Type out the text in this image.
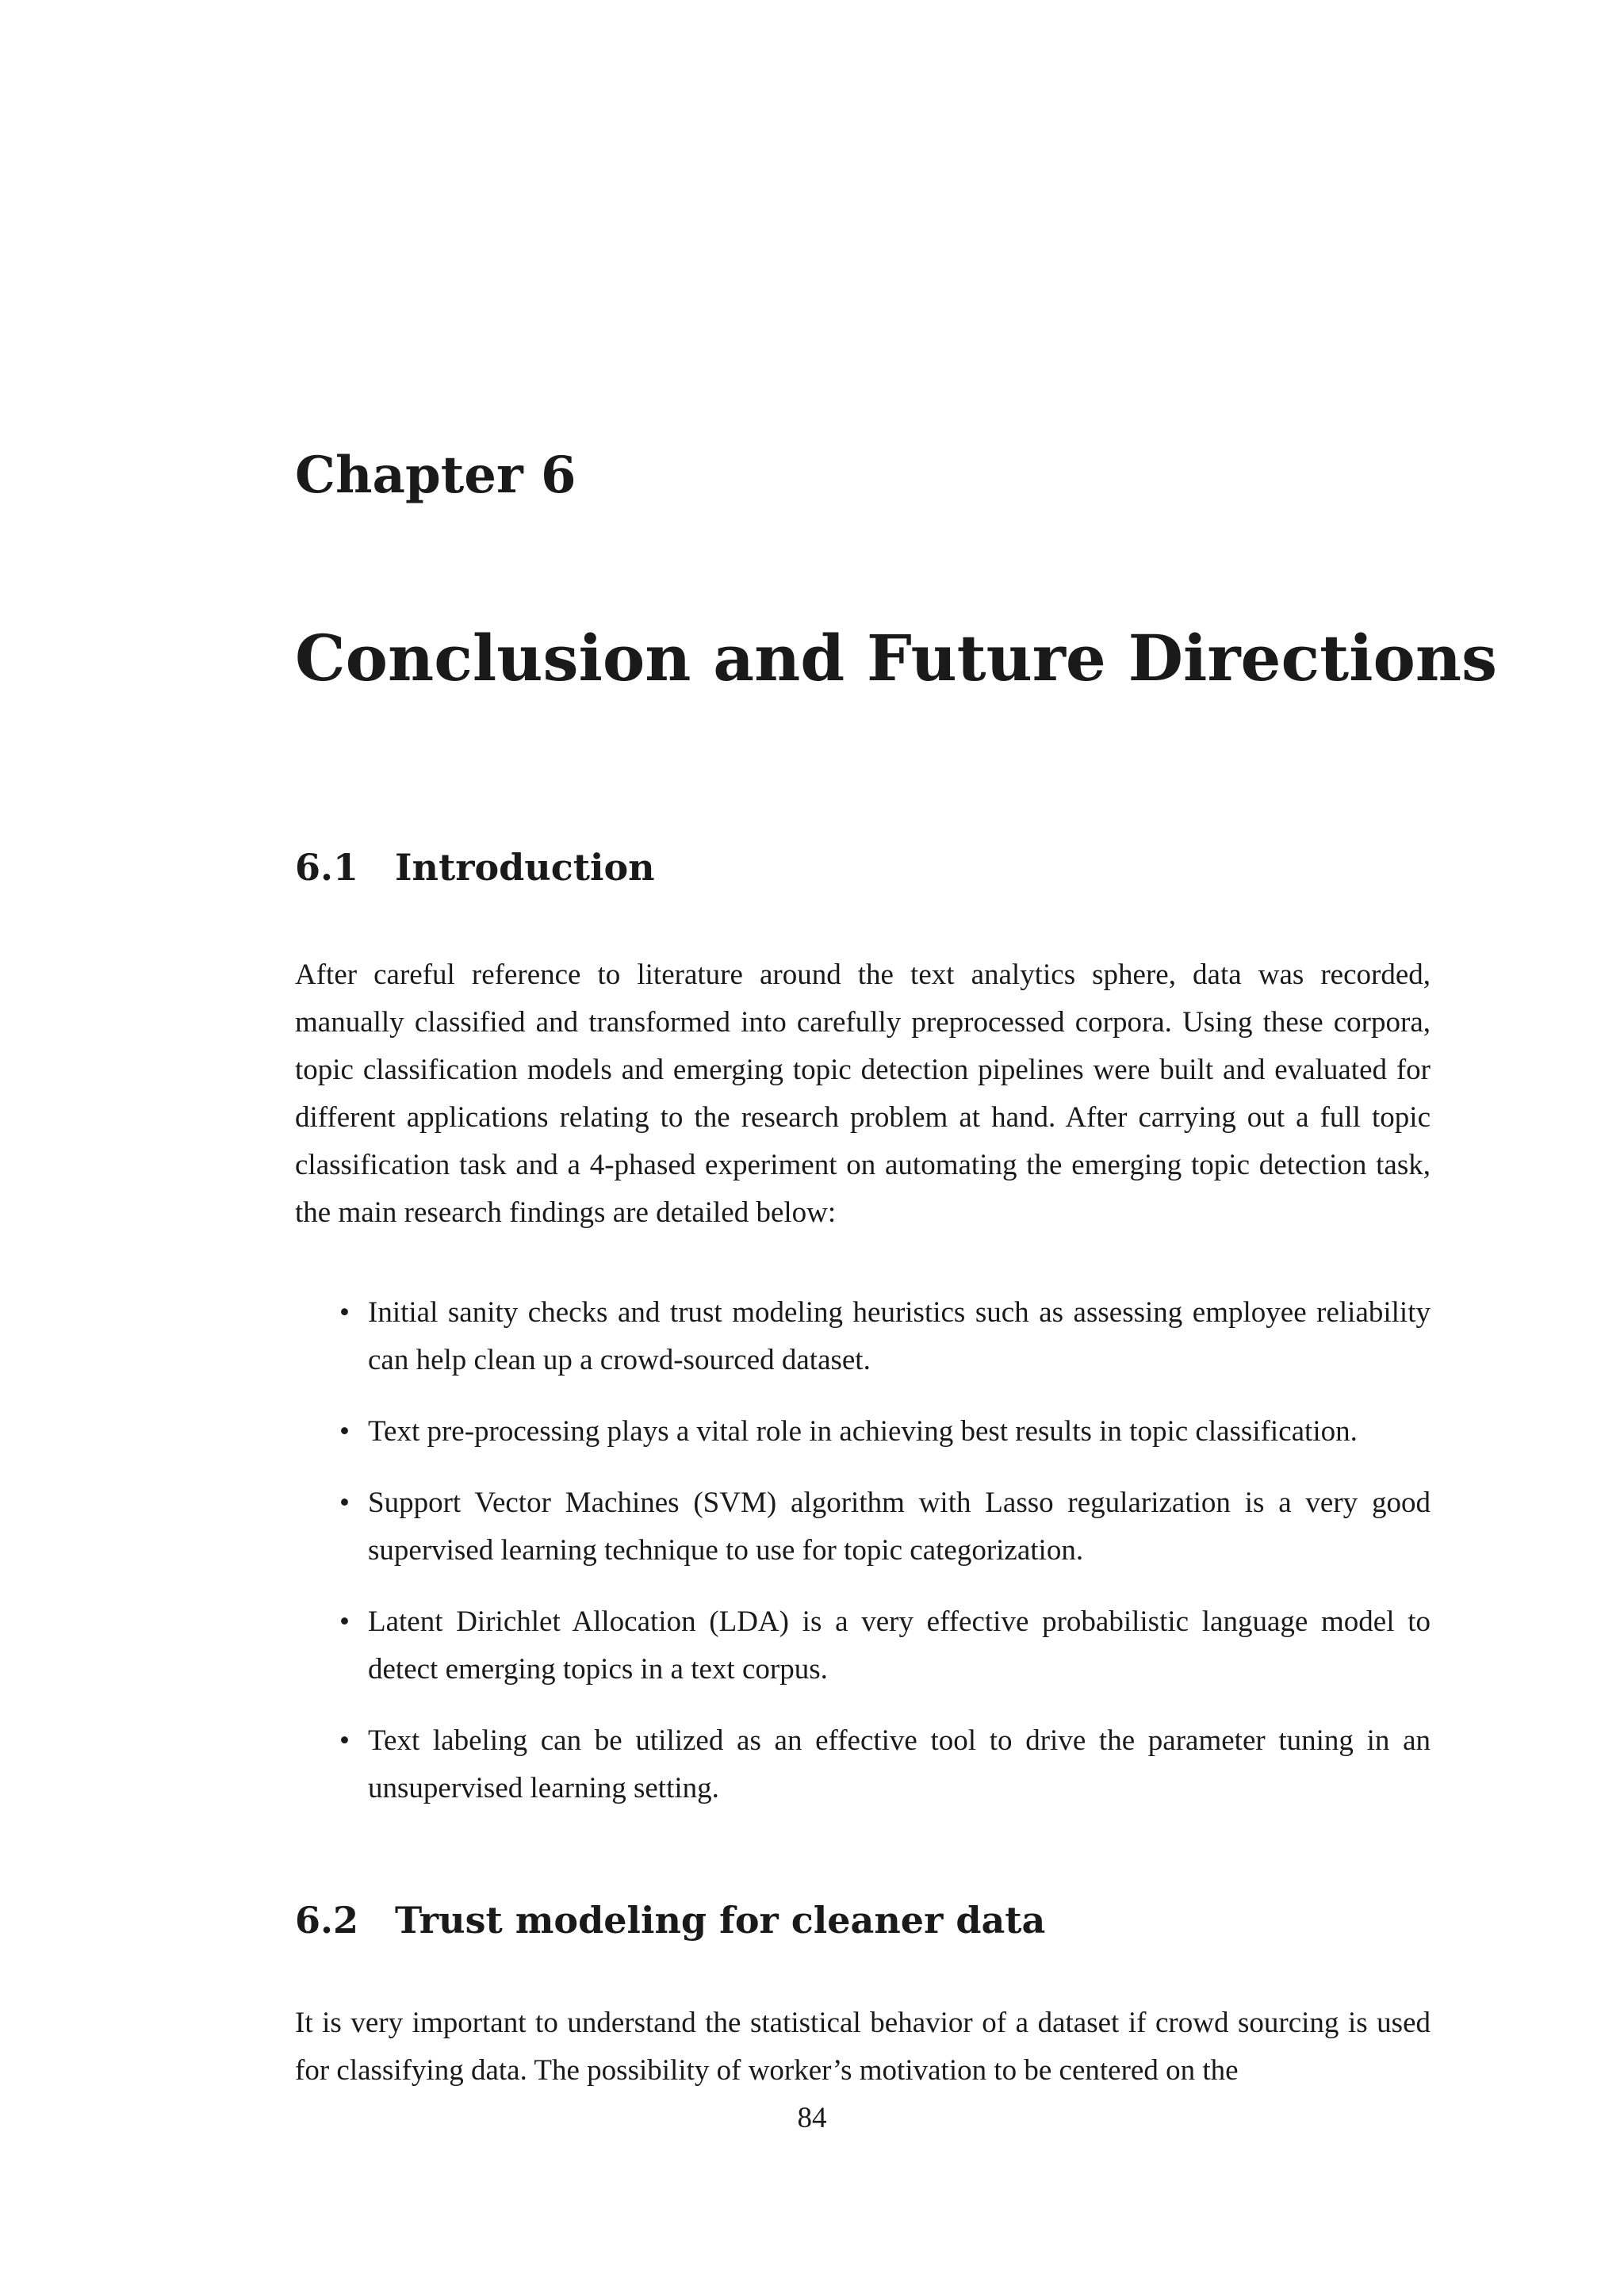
Chapter 6
Conclusion and Future Directions
6.1 Introduction

After careful reference to literature around the text analytics sphere, data was recorded, manually classified and transformed into carefully preprocessed corpora. Using these corpora, topic classification models and emerging topic detection pipelines were built and evaluated for different applications relating to the research problem at hand. After carrying out a full topic classification task and a 4-phased experiment on automating the emerging topic detection task, the main research findings are detailed below:

• Initial sanity checks and trust modeling heuristics such as assessing employee reliability can help clean up a crowd-sourced dataset.
• Text pre-processing plays a vital role in achieving best results in topic classification.
• Support Vector Machines (SVM) algorithm with Lasso regularization is a very good supervised learning technique to use for topic categorization.
• Latent Dirichlet Allocation (LDA) is a very effective probabilistic language model to detect emerging topics in a text corpus.
• Text labeling can be utilized as an effective tool to drive the parameter tuning in an unsupervised learning setting.
6.2 Trust modeling for cleaner data

It is very important to understand the statistical behavior of a dataset if crowd sourcing is used for classifying data. The possibility of worker’s motivation to be centered on the

84
